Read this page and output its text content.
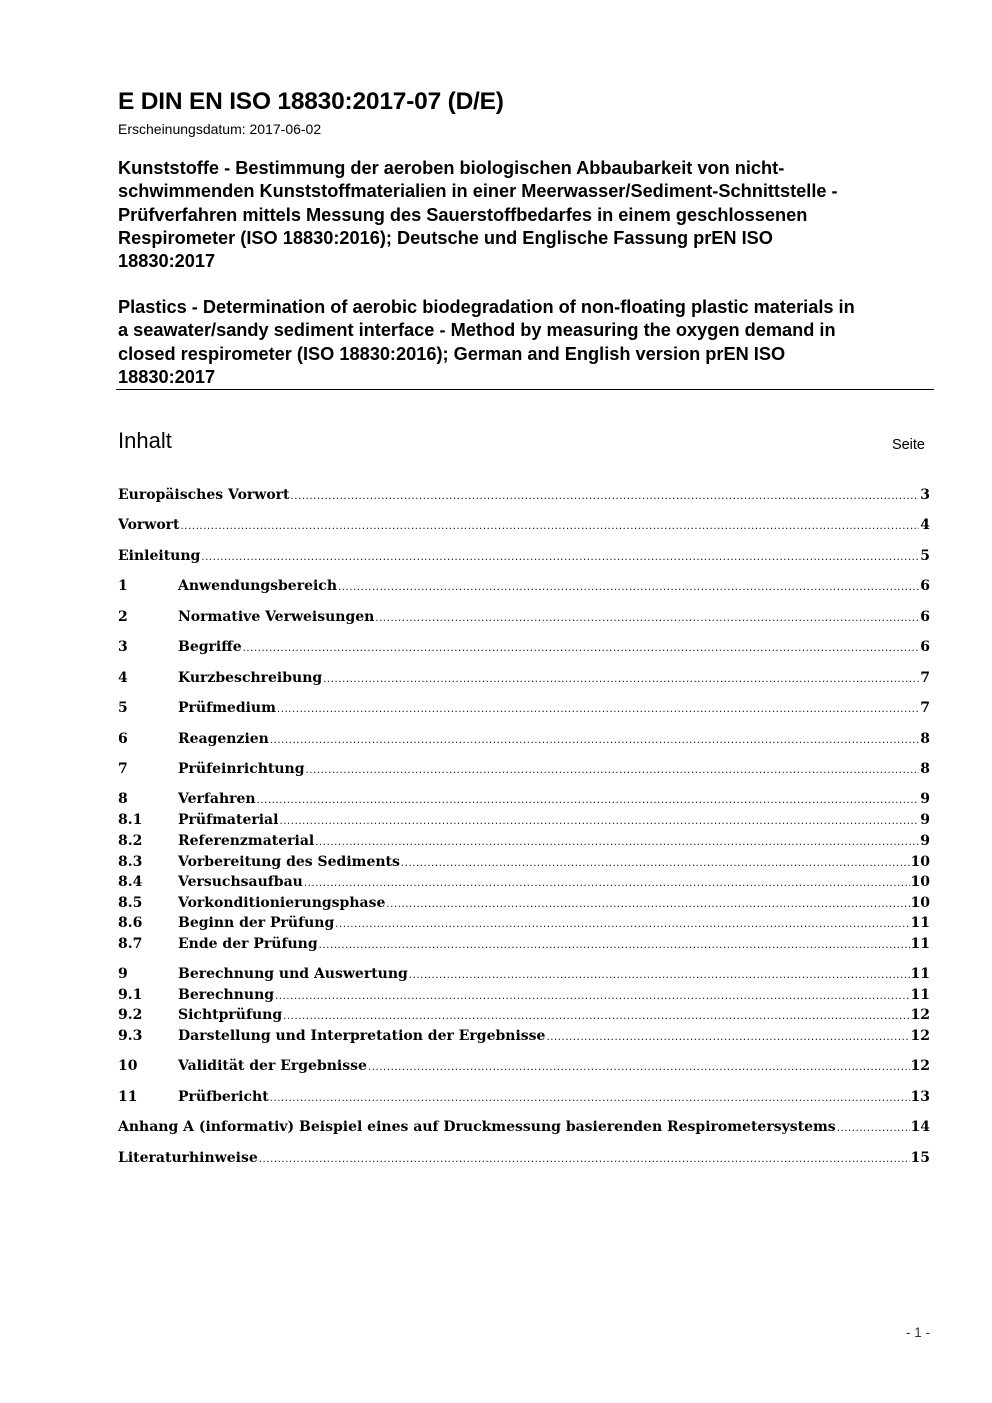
E DIN EN ISO 18830:2017-07 (D/E)
Erscheinungsdatum: 2017-06-02
Kunststoffe - Bestimmung der aeroben biologischen Abbaubarkeit von nicht-
schwimmenden Kunststoffmaterialien in einer Meerwasser/Sediment-Schnittstelle -
Prüfverfahren mittels Messung des Sauerstoffbedarfes in einem geschlossenen
Respirometer (ISO 18830:2016); Deutsche und Englische Fassung prEN ISO
18830:2017
Plastics - Determination of aerobic biodegradation of non-floating plastic materials in
a seawater/sandy sediment interface - Method by measuring the oxygen demand in
closed respirometer (ISO 18830:2016); German and English version prEN ISO
18830:2017
Inhalt	Seite
Europäisches Vorwort .....	3
Vorwort .....	4
Einleitung .....	5
1	Anwendungsbereich .....	6
2	Normative Verweisungen .....	6
3	Begriffe .....	6
4	Kurzbeschreibung .....	7
5	Prüfmedium .....	7
6	Reagenzien .....	8
7	Prüfeinrichtung .....	8
8	Verfahren .....	9
8.1	Prüfmaterial .....	9
8.2	Referenzmaterial .....	9
8.3	Vorbereitung des Sediments .....	10
8.4	Versuchsaufbau .....	10
8.5	Vorkonditionierungsphase .....	10
8.6	Beginn der Prüfung .....	11
8.7	Ende der Prüfung .....	11
9	Berechnung und Auswertung .....	11
9.1	Berechnung .....	11
9.2	Sichtprüfung .....	12
9.3	Darstellung und Interpretation der Ergebnisse .....	12
10	Validität der Ergebnisse .....	12
11	Prüfbericht .....	13
Anhang A (informativ) Beispiel eines auf Druckmessung basierenden Respirometersystems .....	14
Literaturhinweise .....	15
- 1 -
